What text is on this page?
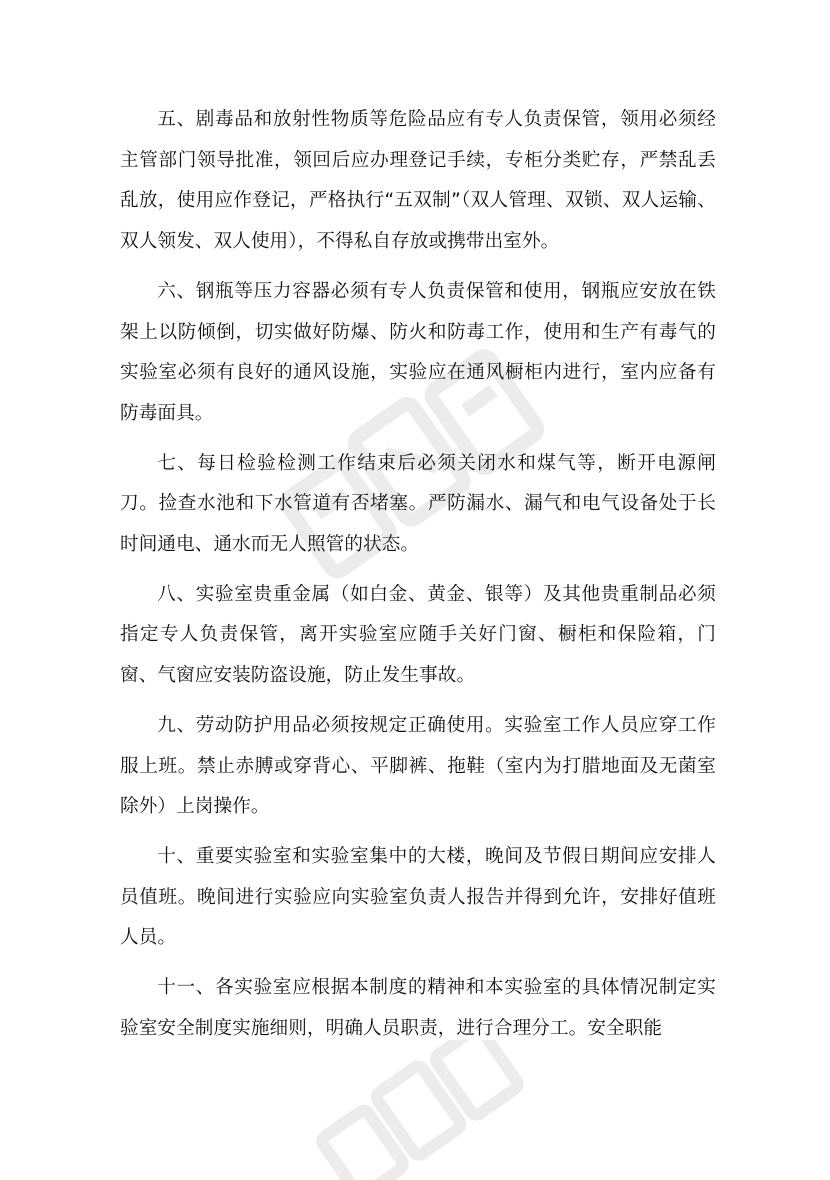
五、剧毒品和放射性物质等危险品应有专人负责保管，领用必须经主管部门领导批准，领回后应办理登记手续，专柜分类贮存，严禁乱丢乱放，使用应作登记，严格执行“五双制”（双人管理、双锁、双人运输、双人领发、双人使用），不得私自存放或携带出室外。

六、钢瓶等压力容器必须有专人负责保管和使用，钢瓶应安放在铁架上以防倾倒，切实做好防爆、防火和防毒工作，使用和生产有毒气的实验室必须有良好的通风设施，实验应在通风橱柜内进行，室内应备有防毒面具。

七、每日检验检测工作结束后必须关闭水和煤气等，断开电源闸刀。捡查水池和下水管道有否堵塞。严防漏水、漏气和电气设备处于长时间通电、通水而无人照管的状态。

八、实验室贵重金属（如白金、黄金、银等）及其他贵重制品必须指定专人负责保管，离开实验室应随手关好门窗、橱柜和保险箱，门窗、气窗应安装防盗设施，防止发生事故。

九、劳动防护用品必须按规定正确使用。实验室工作人员应穿工作服上班。禁止赤膊或穿背心、平脚裤、拖鞋（室内为打腊地面及无菌室除外）上岗操作。

十、重要实验室和实验室集中的大楼，晚间及节假日期间应安排人员值班。晚间进行实验应向实验室负责人报告并得到允许，安排好值班人员。

十一、各实验室应根据本制度的精神和本实验室的具体情况制定实验室安全制度实施细则，明确人员职责，进行合理分工。安全职能
